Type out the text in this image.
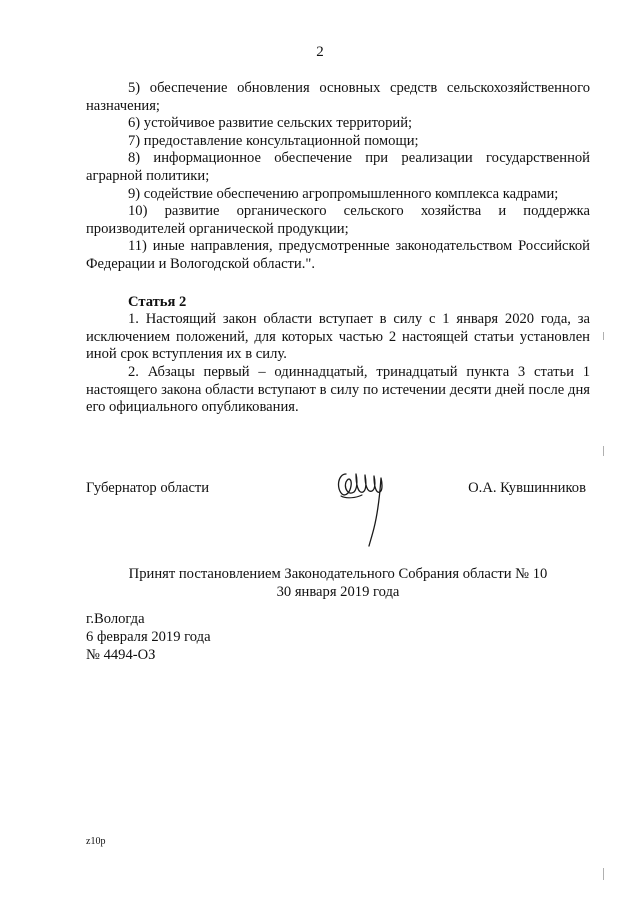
2

5) обеспечение обновления основных средств сельскохозяйственного назначения;

6) устойчивое развитие сельских территорий;

7) предоставление консультационной помощи;

8) информационное обеспечение при реализации государственной аграрной политики;

9) содействие обеспечению агропромышленного комплекса кадрами;

10) развитие органического сельского хозяйства и поддержка производителей органической продукции;

11) иные направления, предусмотренные законодательством Российской Федерации и Вологодской области.".

Статья 2

1. Настоящий закон области вступает в силу с 1 января 2020 года, за исключением положений, для которых частью 2 настоящей статьи установлен иной срок вступления их в силу.

2. Абзацы первый – одиннадцатый, тринадцатый пункта 3 статьи 1 настоящего закона области вступают в силу по истечении десяти дней после дня его официального опубликования.

Губернатор области	О.А. Кувшинников
Принят постановлением Законодательного Собрания области № 10
30 января 2019 года
г.Вологда
6 февраля 2019 года
№ 4494-ОЗ
z10p
